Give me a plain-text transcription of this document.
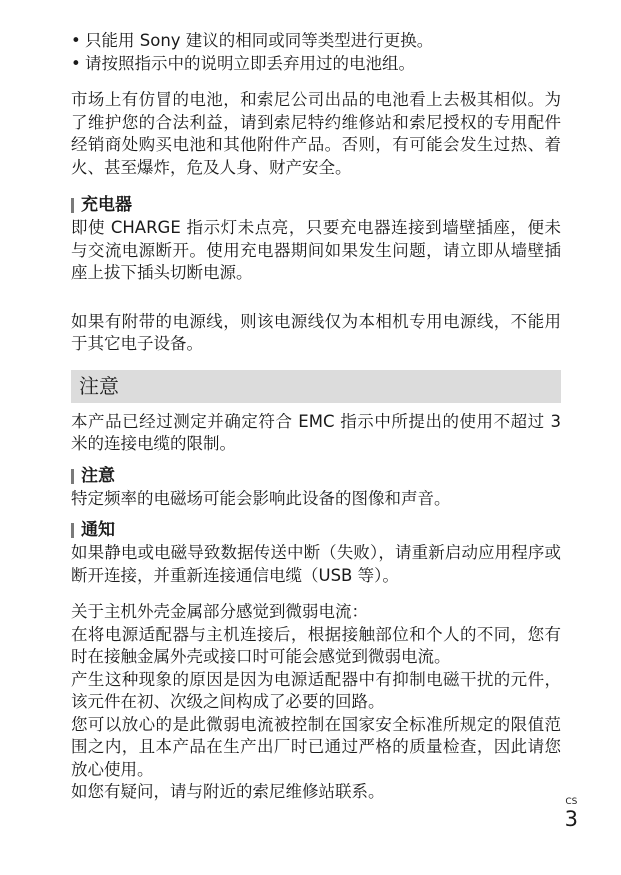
• 只能用 Sony 建议的相同或同等类型进行更换。
• 请按照指示中的说明立即丢弃用过的电池组。

市场上有仿冒的电池，和索尼公司出品的电池看上去极其相似。为了维护您的合法利益，请到索尼特约维修站和索尼授权的专用配件经销商处购买电池和其他附件产品。否则，有可能会发生过热、着火、甚至爆炸，危及人身、财产安全。

充电器

即使 CHARGE 指示灯未点亮，只要充电器连接到墙壁插座，便未与交流电源断开。使用充电器期间如果发生问题，请立即从墙壁插座上拔下插头切断电源。

如果有附带的电源线，则该电源线仅为本相机专用电源线，不能用于其它电子设备。

注意

本产品已经过测定并确定符合 EMC 指示中所提出的使用不超过 3 米的连接电缆的限制。

注意

特定频率的电磁场可能会影响此设备的图像和声音。

通知

如果静电或电磁导致数据传送中断（失败），请重新启动应用程序或断开连接，并重新连接通信电缆（USB 等）。

关于主机外壳金属部分感觉到微弱电流：

在将电源适配器与主机连接后，根据接触部位和个人的不同，您有时在接触金属外壳或接口时可能会感觉到微弱电流。

产生这种现象的原因是因为电源适配器中有抑制电磁干扰的元件，该元件在初、次级之间构成了必要的回路。

您可以放心的是此微弱电流被控制在国家安全标准所规定的限值范围之内，且本产品在生产出厂时已通过严格的质量检查，因此请您放心使用。

如您有疑问，请与附近的索尼维修站联系。

CS
3
